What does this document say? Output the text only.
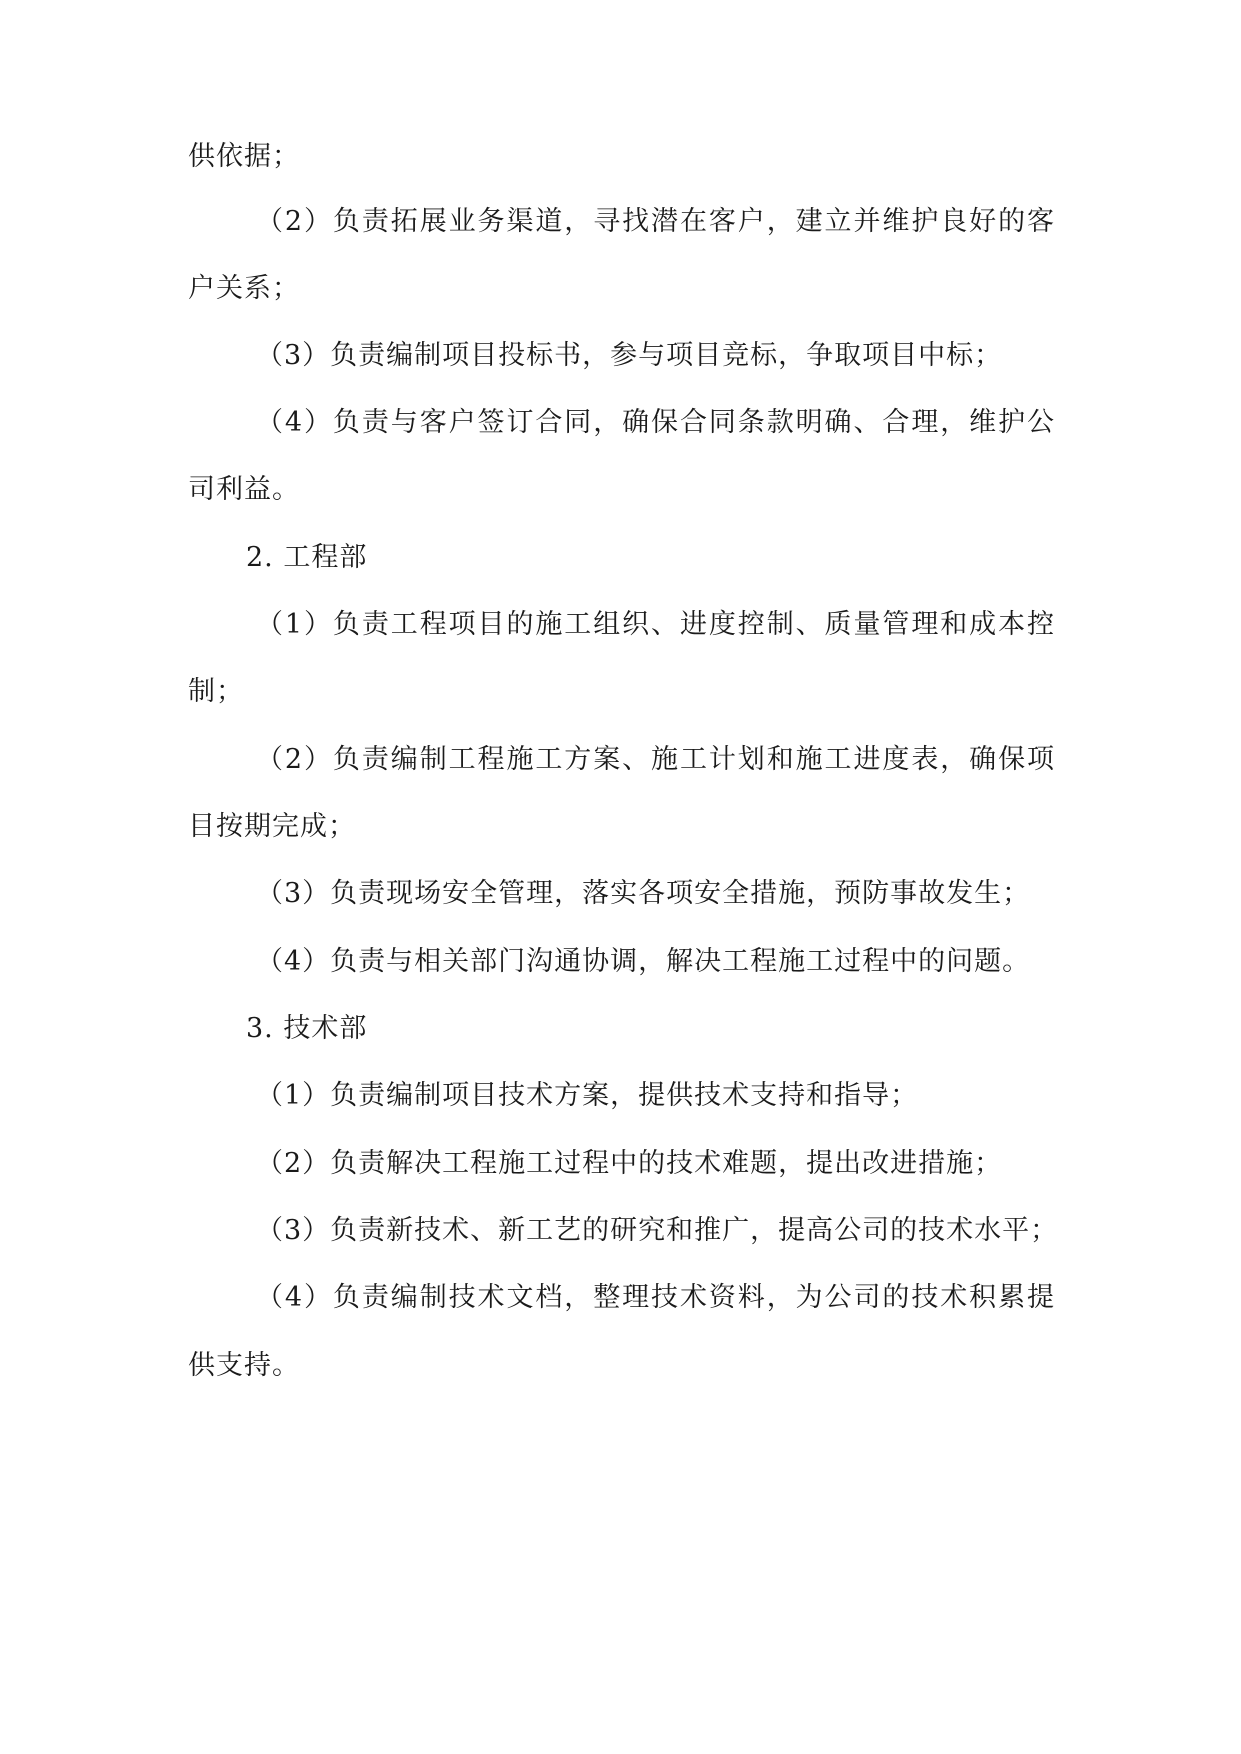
供依据；
（2）负责拓展业务渠道，寻找潜在客户，建立并维护良好的客
户关系；
（3）负责编制项目投标书，参与项目竞标，争取项目中标；
（4）负责与客户签订合同，确保合同条款明确、合理，维护公
司利益。
2. 工程部
（1）负责工程项目的施工组织、进度控制、质量管理和成本控
制；
（2）负责编制工程施工方案、施工计划和施工进度表，确保项
目按期完成；
（3）负责现场安全管理，落实各项安全措施，预防事故发生；
（4）负责与相关部门沟通协调，解决工程施工过程中的问题。
3. 技术部
（1）负责编制项目技术方案，提供技术支持和指导；
（2）负责解决工程施工过程中的技术难题，提出改进措施；
（3）负责新技术、新工艺的研究和推广，提高公司的技术水平；
（4）负责编制技术文档，整理技术资料，为公司的技术积累提
供支持。
